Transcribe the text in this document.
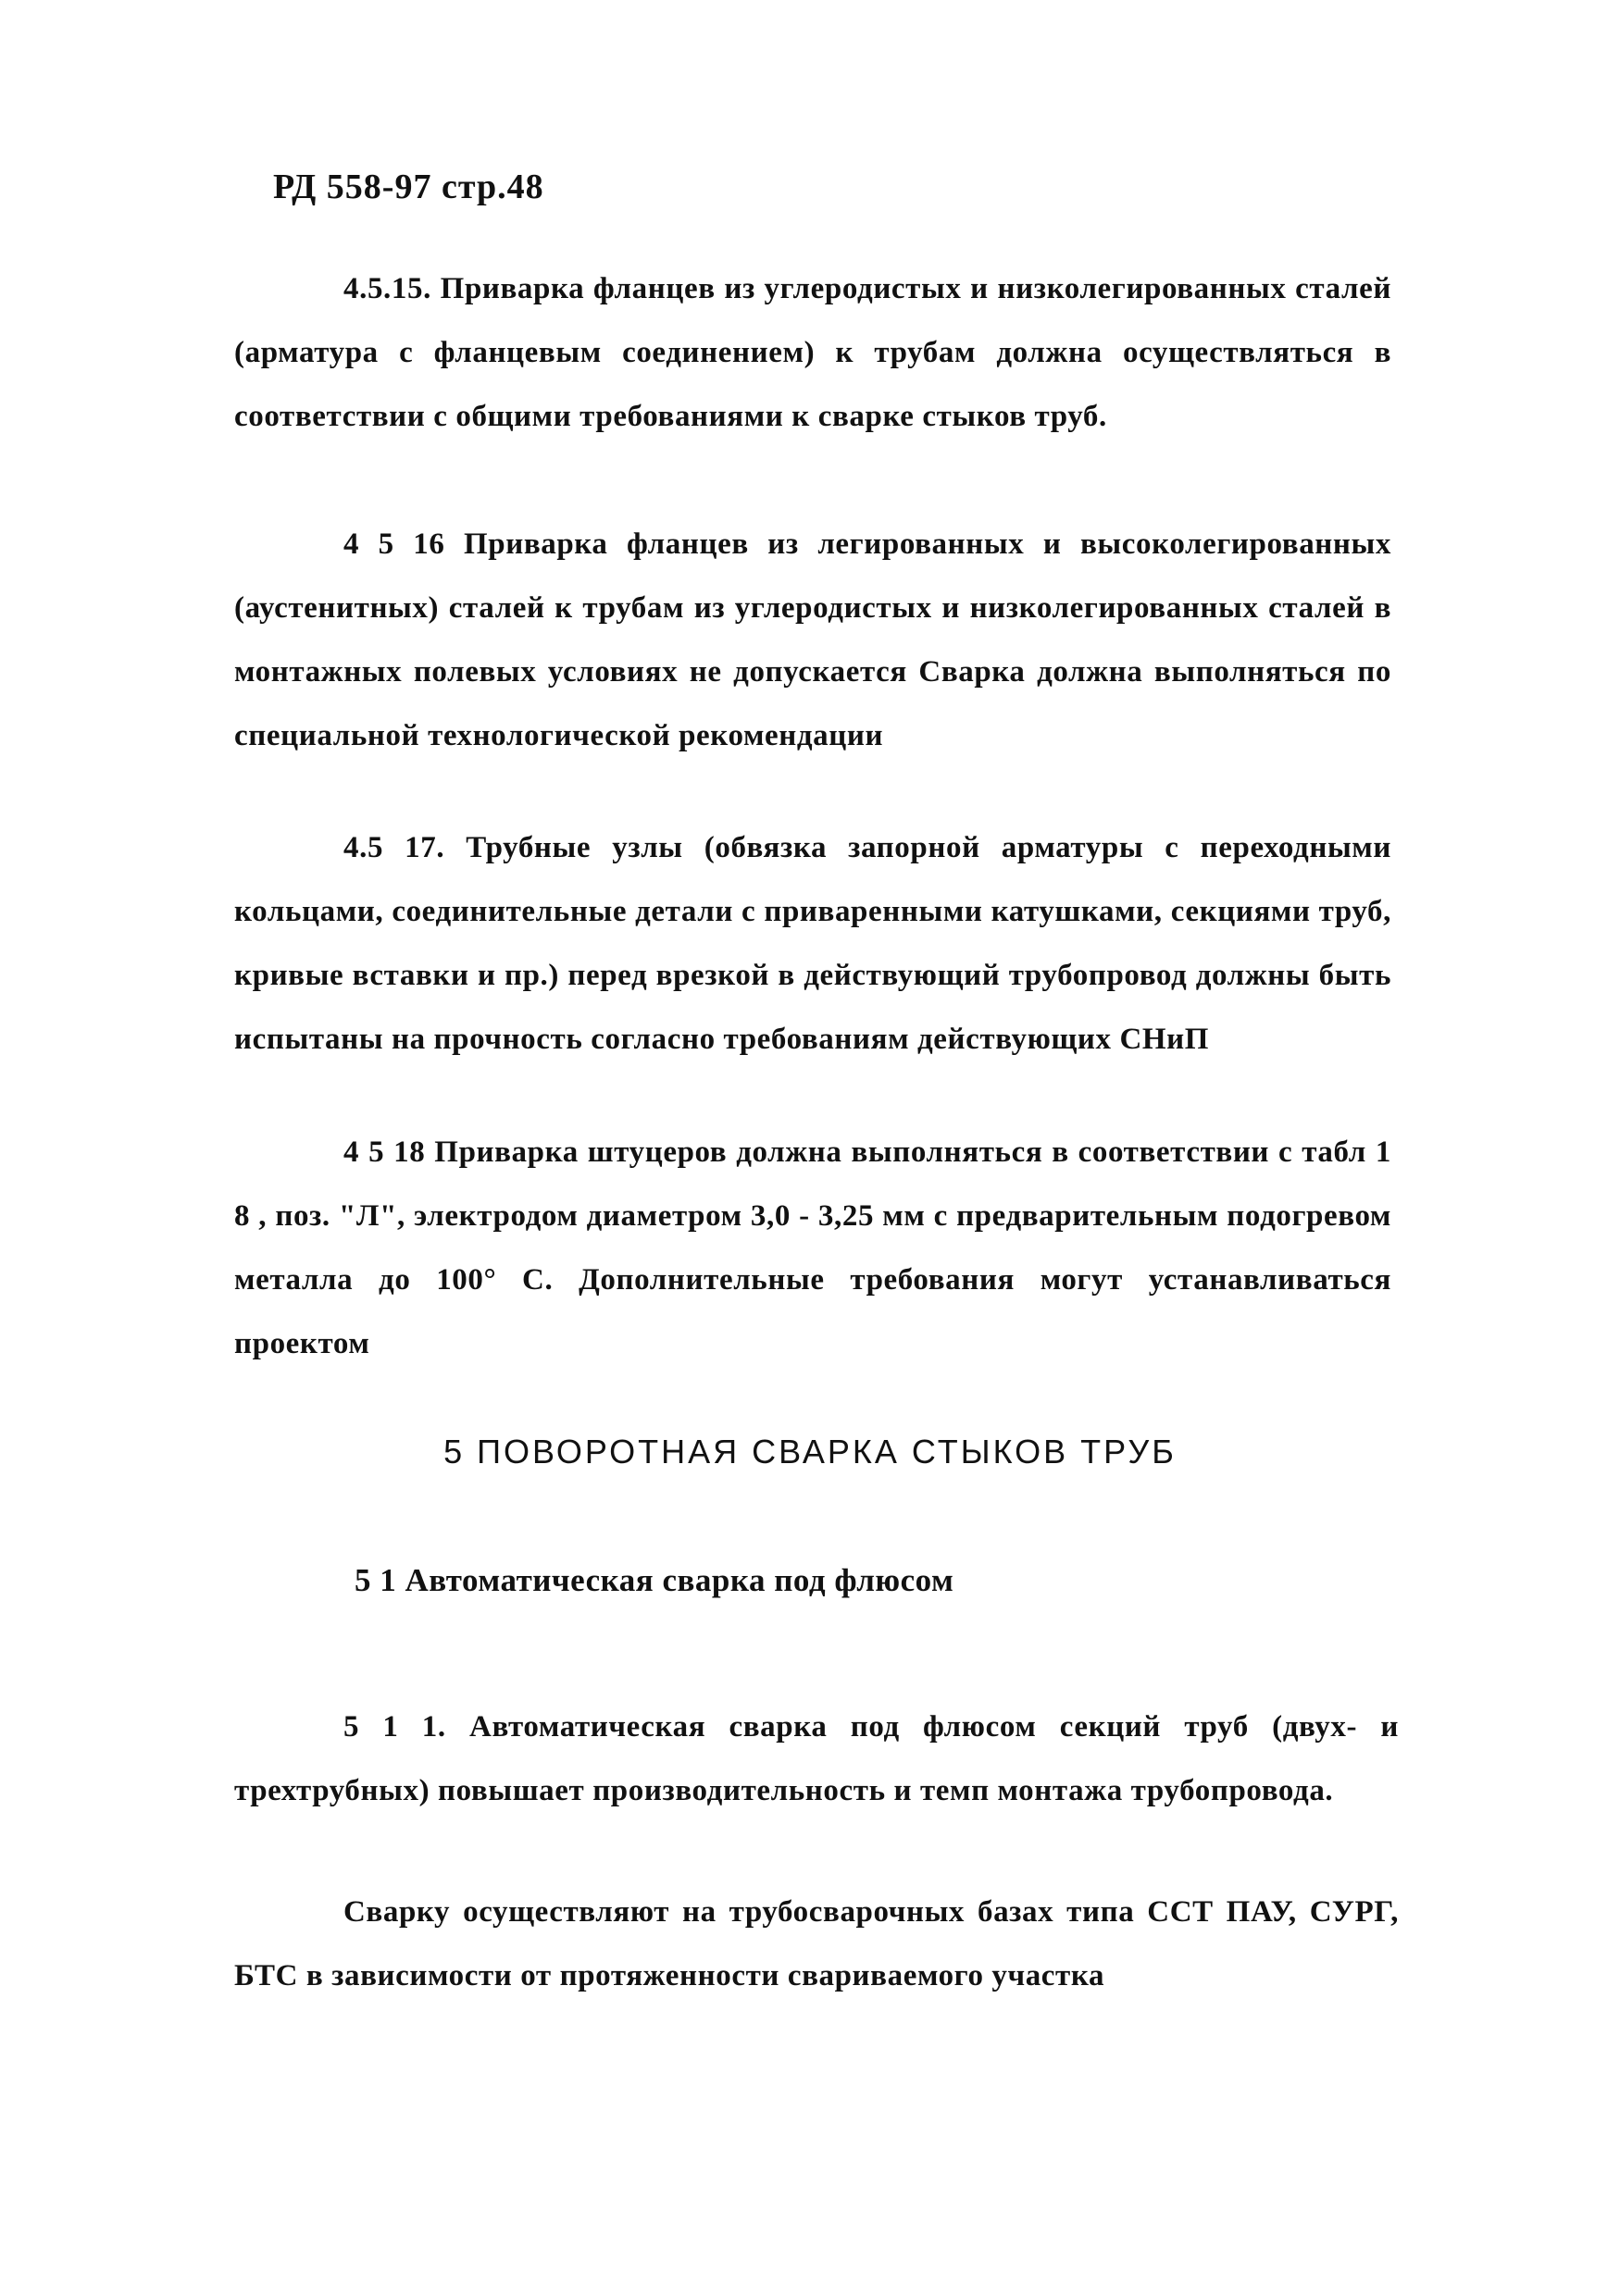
РД 558-97 стр.48

4.5.15. Приварка фланцев из углеродистых и низколегированных сталей (арматура с фланцевым соединением) к трубам должна осуществляться в соответствии с общими требованиями к сварке стыков труб.

4 5 16 Приварка фланцев из легированных и высоколегированных (аустенитных) сталей к трубам из углеродистых и низколегированных сталей в монтажных полевых условиях не допускается Сварка должна выполняться по специальной технологической рекомендации

4.5 17. Трубные узлы (обвязка запорной арматуры с переходными кольцами, соединительные детали с приваренными катушками, секциями труб, кривые вставки и пр.) перед врезкой в действующий трубопровод должны быть испытаны на прочность согласно требованиям действующих СНиП

4 5 18 Приварка штуцеров должна выполняться в соответствии с табл 1 8 , поз. "Л", электродом диаметром 3,0 - 3,25 мм с предварительным подогревом металла до 100° С. Дополнительные требования могут устанавливаться проектом

5 ПОВОРОТНАЯ СВАРКА СТЫКОВ ТРУБ
5 1 Автоматическая сварка под флюсом

5 1 1. Автоматическая сварка под флюсом секций труб (двух- и трехтрубных) повышает производительность и темп монтажа трубопровода.

Сварку осуществляют на трубосварочных базах типа ССТ ПАУ, СУРГ, БТС в зависимости от протяженности свариваемого участка
